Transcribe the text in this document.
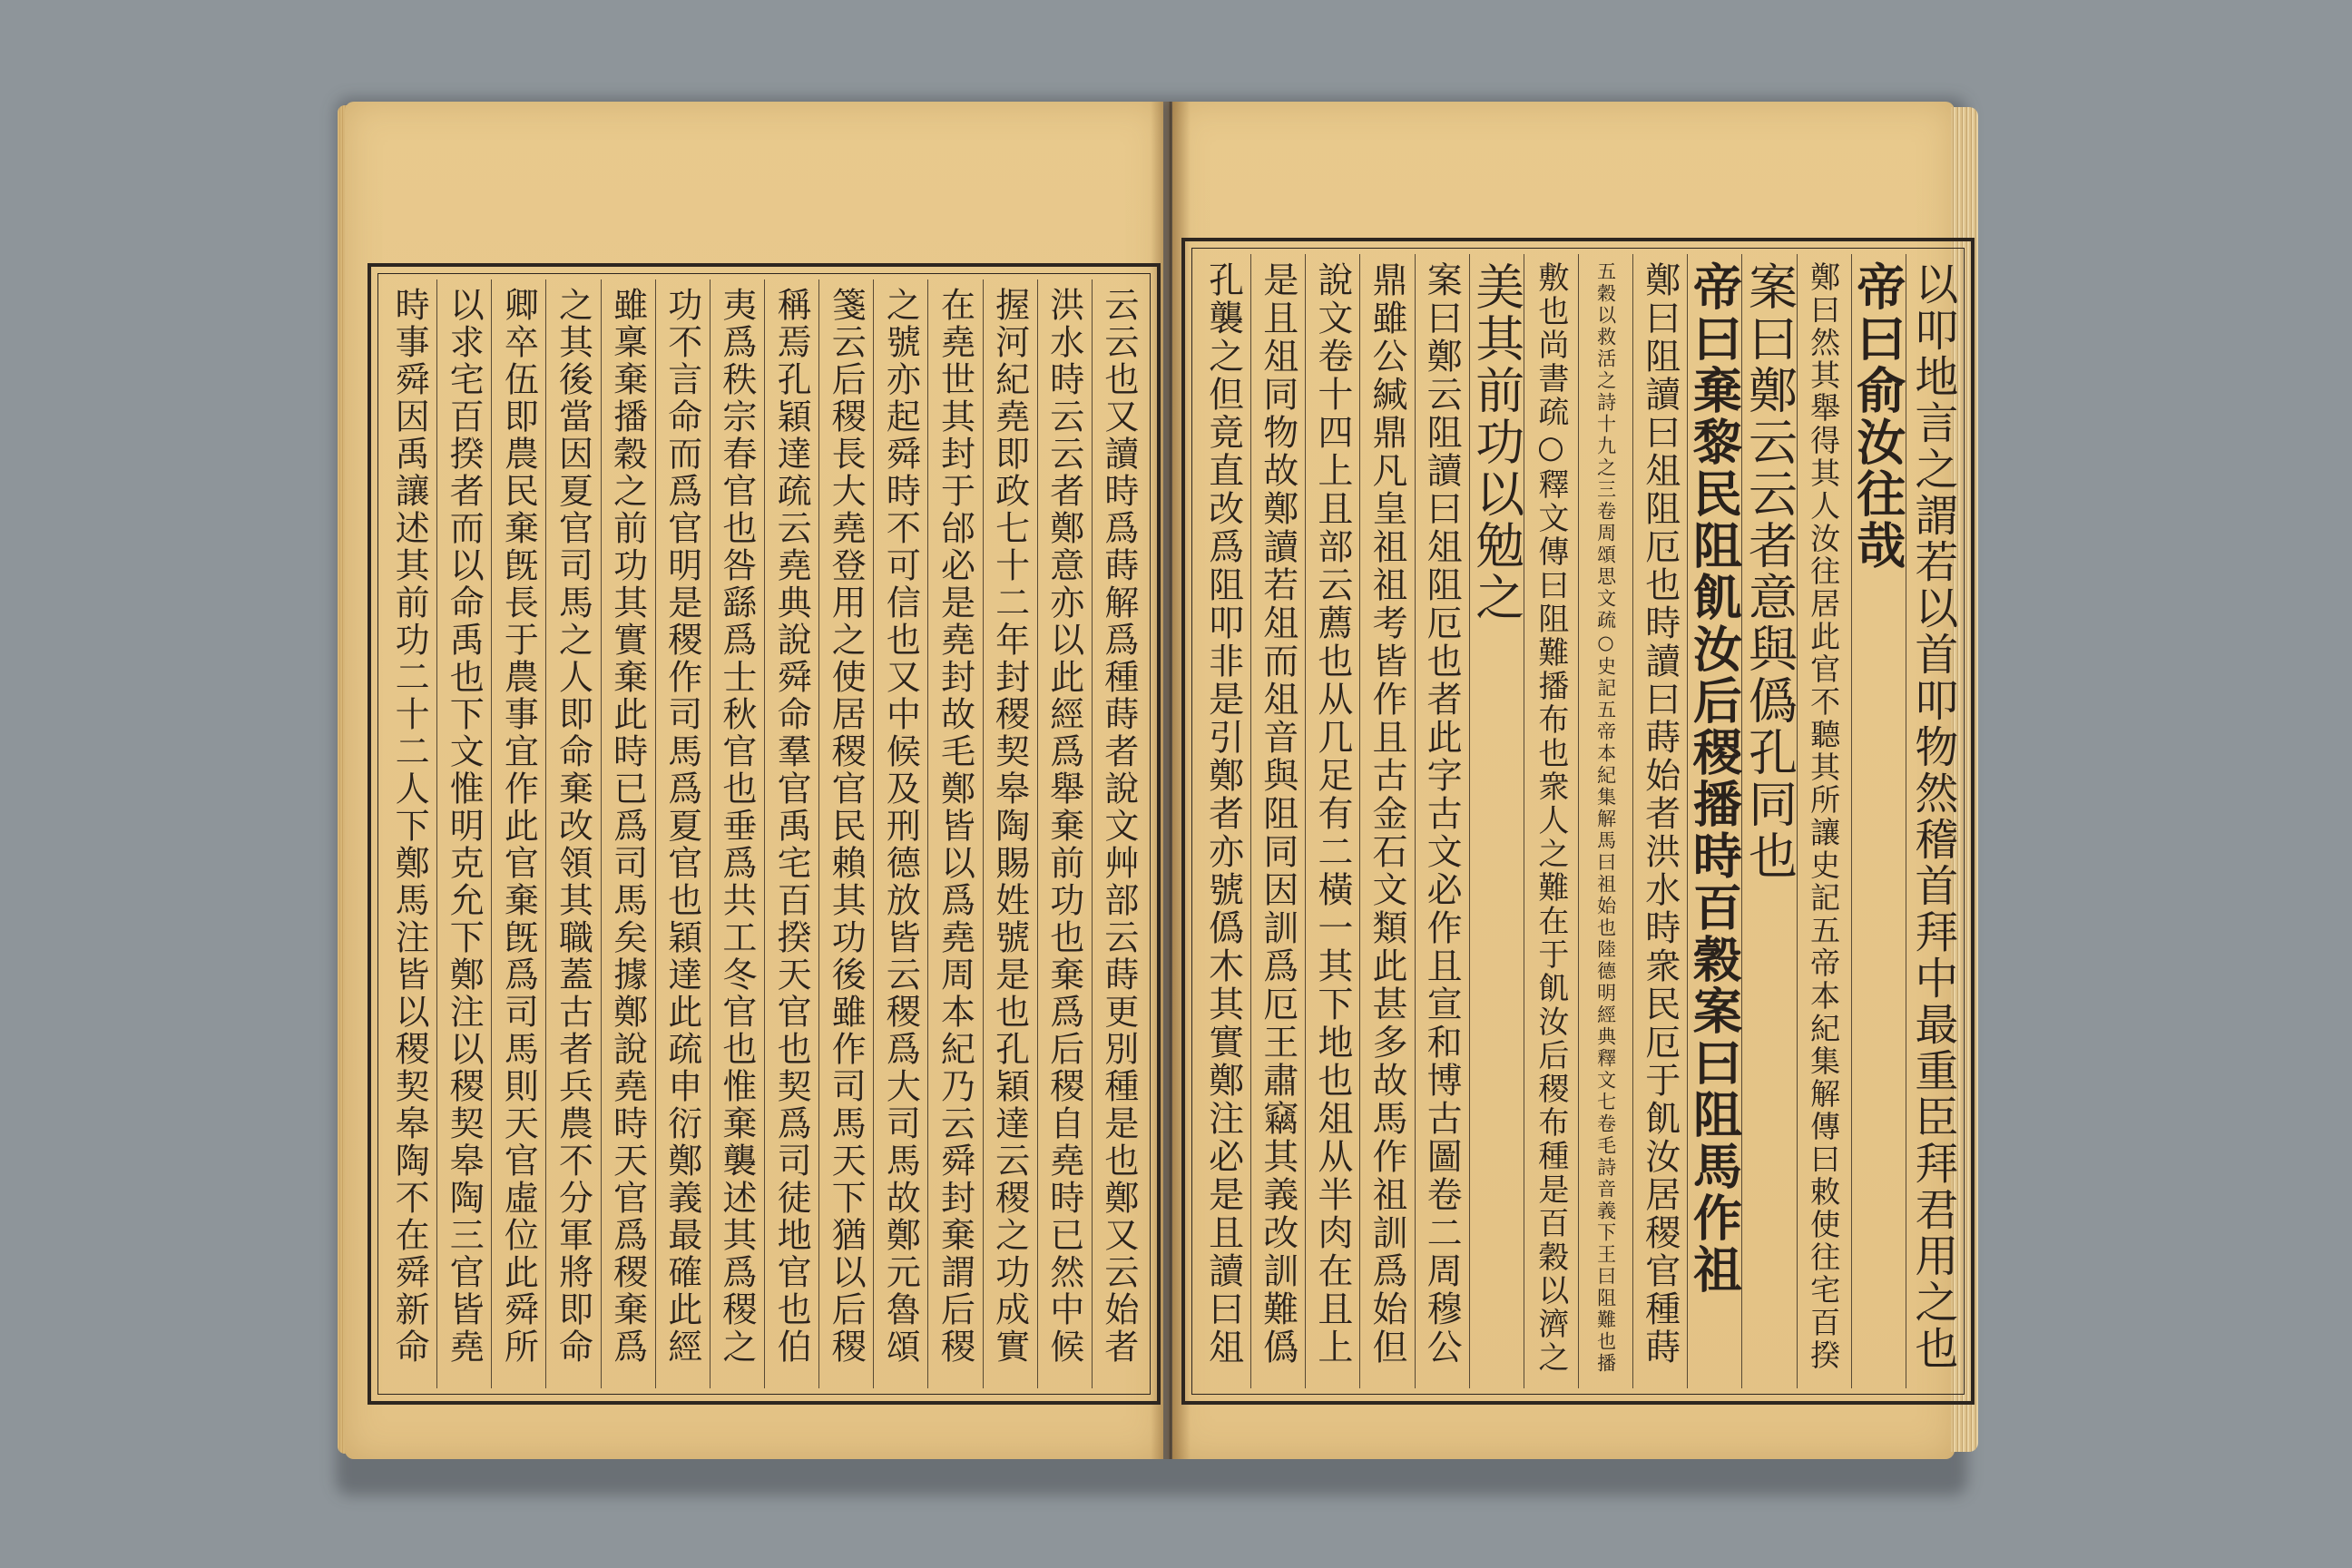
云云也又讀時爲蒔解爲種蒔者說文艸部云蒔更別種是也鄭又云始者
洪水時云云者鄭意亦以此經爲舉棄前功也棄爲后稷自堯時已然中候
握河紀堯即政七十二年封稷契皋陶賜姓號是也孔穎達云稷之功成實
在堯世其封于邰必是堯封故毛鄭皆以爲堯周本紀乃云舜封棄謂后稷
之號亦起舜時不可信也又中候及刑德放皆云稷爲大司馬故鄭元魯頌
箋云后稷長大堯登用之使居稷官民賴其功後雖作司馬天下猶以后稷
稱焉孔穎達疏云堯典說舜命羣官禹宅百揆天官也契爲司徒地官也伯
夷爲秩宗春官也咎繇爲士秋官也垂爲共工冬官也惟棄襲述其爲稷之
功不言命而爲官明是稷作司馬爲夏官也穎達此疏申衍鄭義最確此經
雖稟棄播穀之前功其實棄此時已爲司馬矣據鄭說堯時天官爲稷棄爲
之其後當因夏官司馬之人即命棄改領其職蓋古者兵農不分軍將即命
卿卒伍即農民棄旣長于農事宜作此官棄旣爲司馬則天官虛位此舜所
以求宅百揆者而以命禹也下文惟明克允下鄭注以稷契皋陶三官皆堯
時事舜因禹讓述其前功二十二人下鄭馬注皆以稷契皋陶不在舜新命	以叩地言之謂若以首叩物然稽首拜中最重臣拜君用之也
帝曰俞汝往哉
鄭曰然其舉得其人汝往居此官不聽其所讓史記五帝本紀集解傳曰敕使往宅百揆
案曰鄭云云者意與僞孔同也
帝曰棄黎民阻飢汝后稷播時百穀案曰阻馬作祖
鄭曰阻讀曰俎阻厄也時讀曰蒔始者洪水時衆民厄于飢汝居稷官種蒔
五穀以救活之詩十九之三卷周頌思文疏○史記五帝本紀集解馬曰祖始也陸德明經典釋文七卷毛詩音義下王曰阻難也播
敷也尚書疏○釋文傳曰阻難播布也衆人之難在于飢汝后稷布種是百穀以濟之
美其前功以勉之
案曰鄭云阻讀曰俎阻厄也者此字古文必作且宣和博古圖卷二周穆公
鼎雖公緘鼎凡皇祖祖考皆作且古金石文類此甚多故馬作祖訓爲始但
說文卷十四上且部云薦也从几足有二橫一其下地也俎从半肉在且上
是且俎同物故鄭讀若俎而俎音與阻同因訓爲厄王肅竊其義改訓難僞
孔襲之但竟直改爲阻叩非是引鄭者亦號僞木其實鄭注必是且讀曰俎
